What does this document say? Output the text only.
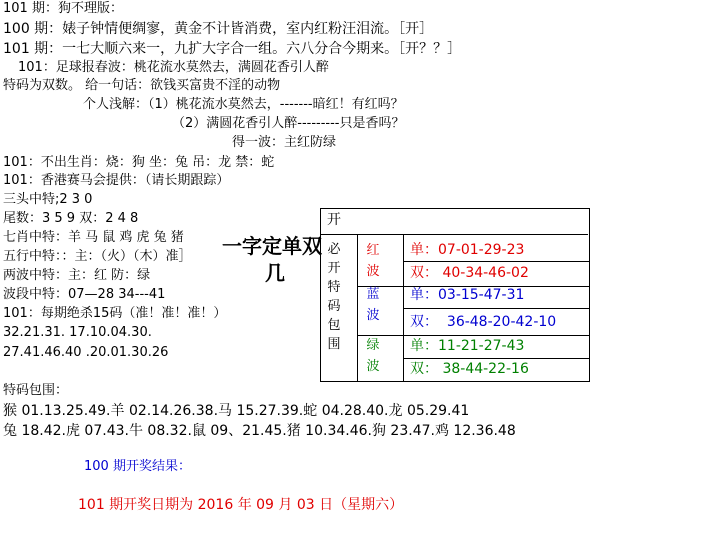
101 期：狗不理版：
100 期：婊子钟情便绸寥，黄金不计皆消费，室内红粉汪泪流。［开］
101 期：一七大顺六来一，九扩大字合一组。六八分合今期来。［开？？］
101：足球报春波：桃花流水莫然去，满圆花香引人醉
特码为双数。 给一句话：欲钱买富贵不淫的动物
个人浅解：（1）桃花流水莫然去，-------暗红！有红吗？
（2）满圆花香引人醉---------只是香吗？
得一波：主红防绿
101：不出生肖：烧：狗 坐：兔 吊：龙 禁：蛇
101：香港赛马会提供：（请长期跟踪）
三头中特;2 3 0
尾数：3 5 9 双：2 4 8
七肖中特：羊 马 鼠 鸡 虎 兔 猪
五行中特：：主：（火）（木）准］
两波中特：主：红 防：绿
波段中特：07—28 34---41
101：每期绝杀15码（准！准！准！）
32.21.31. 17.10.04.30.
27.41.46.40 .20.01.30.26
一字定单双
几
开
必
开
特
码
包
围
红
波
单：07-01-29-23
双： 40-34-46-02
蓝
波
单：03-15-47-31
双： 36-48-20-42-10
绿
波
单：11-21-27-43
双： 38-44-22-16
特码包围：
猴 01.13.25.49.羊 02.14.26.38.马 15.27.39.蛇 04.28.40.龙 05.29.41
兔 18.42.虎 07.43.牛 08.32.鼠 09、21.45.猪 10.34.46.狗 23.47.鸡 12.36.48
100 期开奖结果：
101 期开奖日期为 2016 年 09 月 03 日（星期六）
